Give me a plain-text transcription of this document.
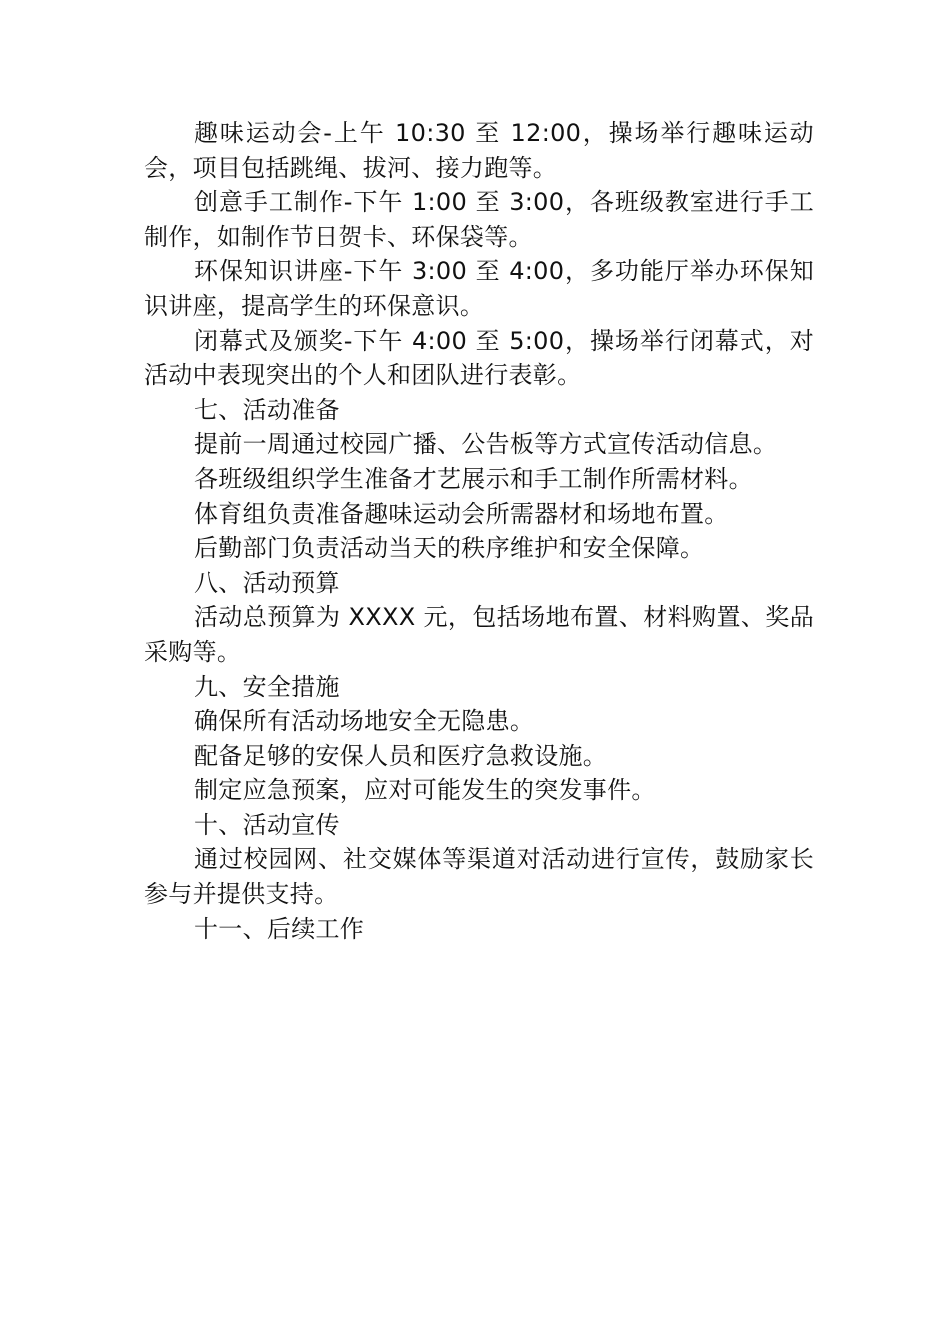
趣味运动会-上午 10:30 至 12:00，操场举行趣味运动会，项目包括跳绳、拔河、接力跑等。

创意手工制作-下午 1:00 至 3:00，各班级教室进行手工制作，如制作节日贺卡、环保袋等。

环保知识讲座-下午 3:00 至 4:00，多功能厅举办环保知识讲座，提高学生的环保意识。

闭幕式及颁奖-下午 4:00 至 5:00，操场举行闭幕式，对活动中表现突出的个人和团队进行表彰。

七、活动准备

提前一周通过校园广播、公告板等方式宣传活动信息。

各班级组织学生准备才艺展示和手工制作所需材料。

体育组负责准备趣味运动会所需器材和场地布置。

后勤部门负责活动当天的秩序维护和安全保障。

八、活动预算

活动总预算为 XXXX 元，包括场地布置、材料购置、奖品采购等。

九、安全措施

确保所有活动场地安全无隐患。

配备足够的安保人员和医疗急救设施。

制定应急预案，应对可能发生的突发事件。

十、活动宣传

通过校园网、社交媒体等渠道对活动进行宣传，鼓励家长参与并提供支持。

十一、后续工作
